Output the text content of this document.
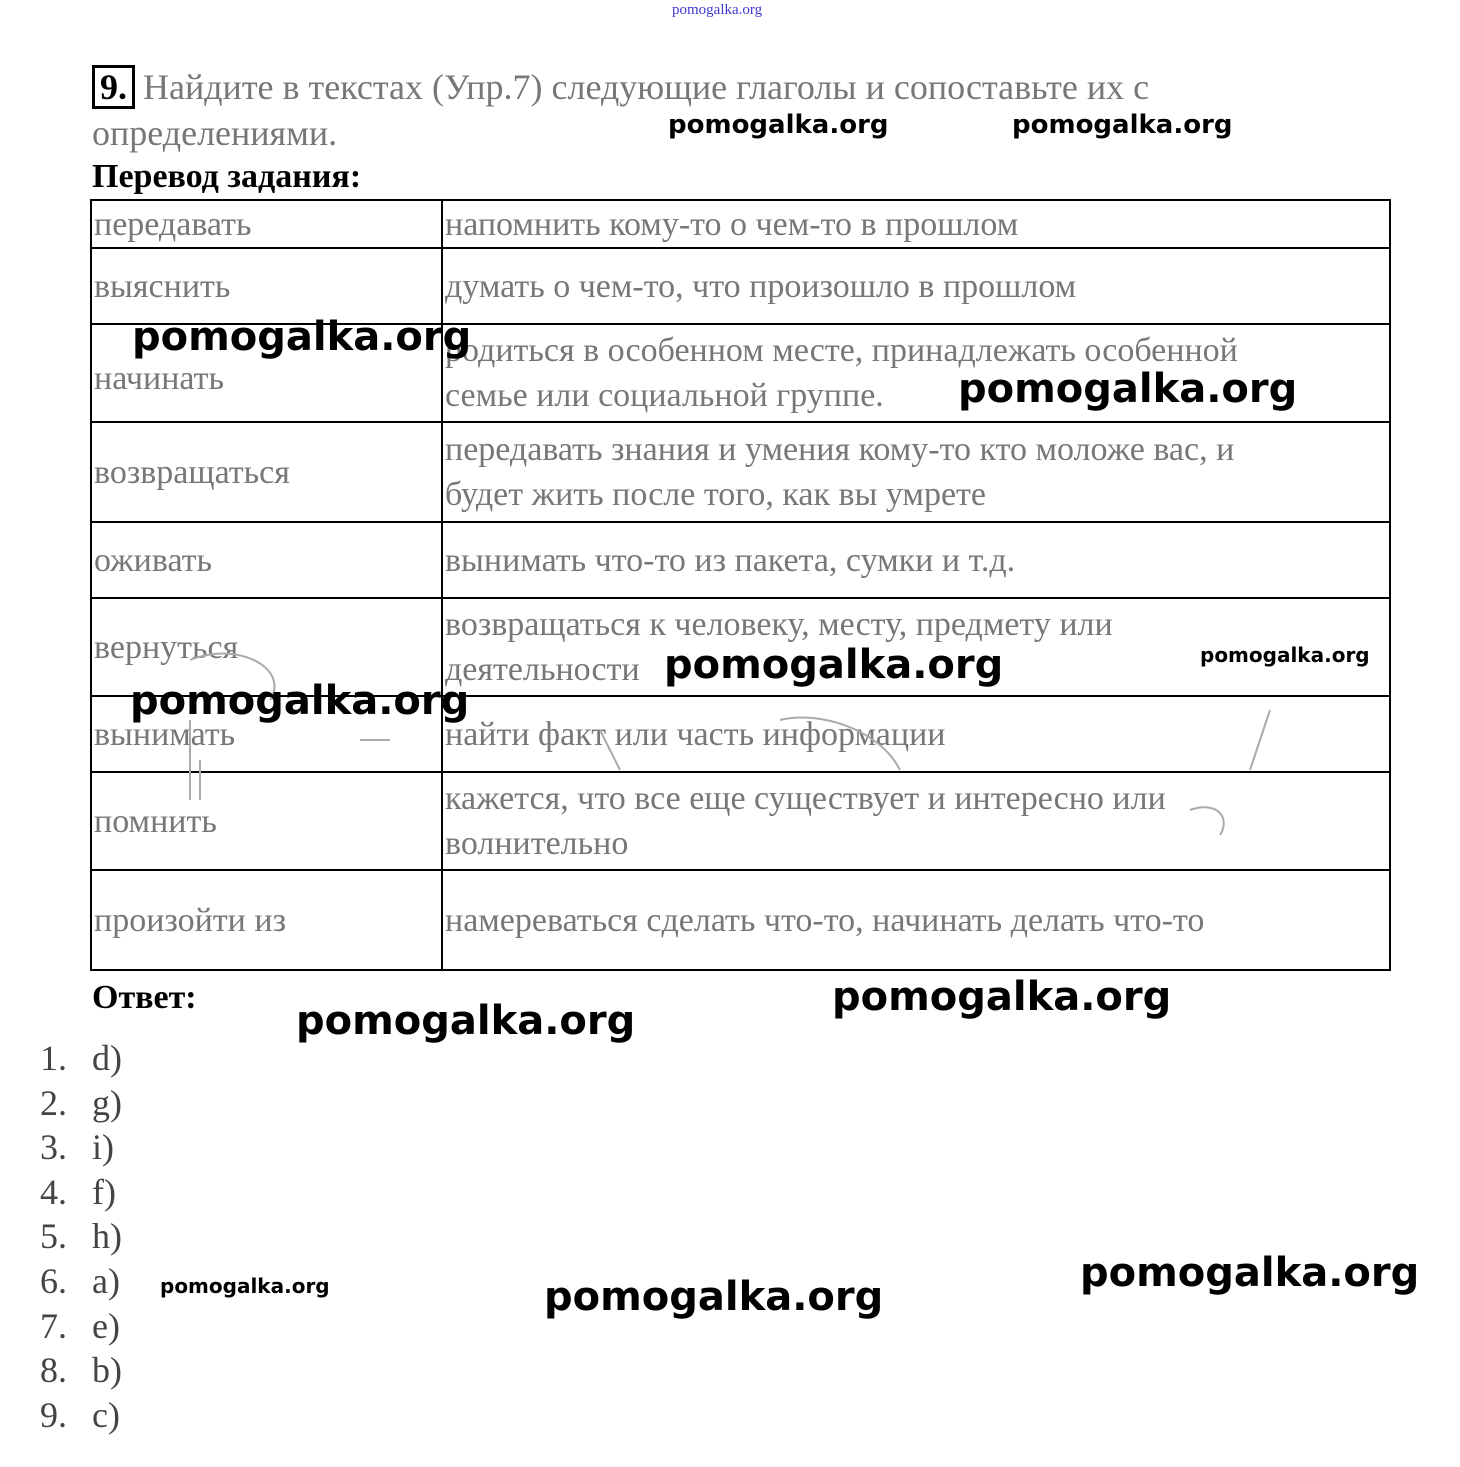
pomogalka.org
9. Найдите в текстах (Упр.7) следующие глаголы и сопоставьте их с
определениями.	pomogalka.org	pomogalka.org
Перевод задания:
передавать	напомнить кому-то о чем-то в прошлом

выяснить	думать о чем-то, что произошло в прошлом

начинать	родиться в особенном месте, принадлежать особенной
семье или социальной группе.

возвращаться	передавать знания и умения кому-то кто моложе вас, и
будет жить после того, как вы умрете

оживать	вынимать что-то из пакета, сумки и т.д.

вернуться	возвращаться к человеку, месту, предмету или
деятельности

вынимать	найти факт или часть информации

помнить	кажется, что все еще существует и интересно или
волнительно

произойти из	намереваться сделать что-то, начинать делать что-то
pomogalka.org
pomogalka.org
pomogalka.org	pomogalka.org
pomogalka.org
Ответ:	pomogalka.org
pomogalka.org
1. d)
2. g)
3. i)
4. f)
5. h)
6. a)
7. e)
8. b)
9. c)
pomogalka.org	pomogalka.org
pomogalka.org
